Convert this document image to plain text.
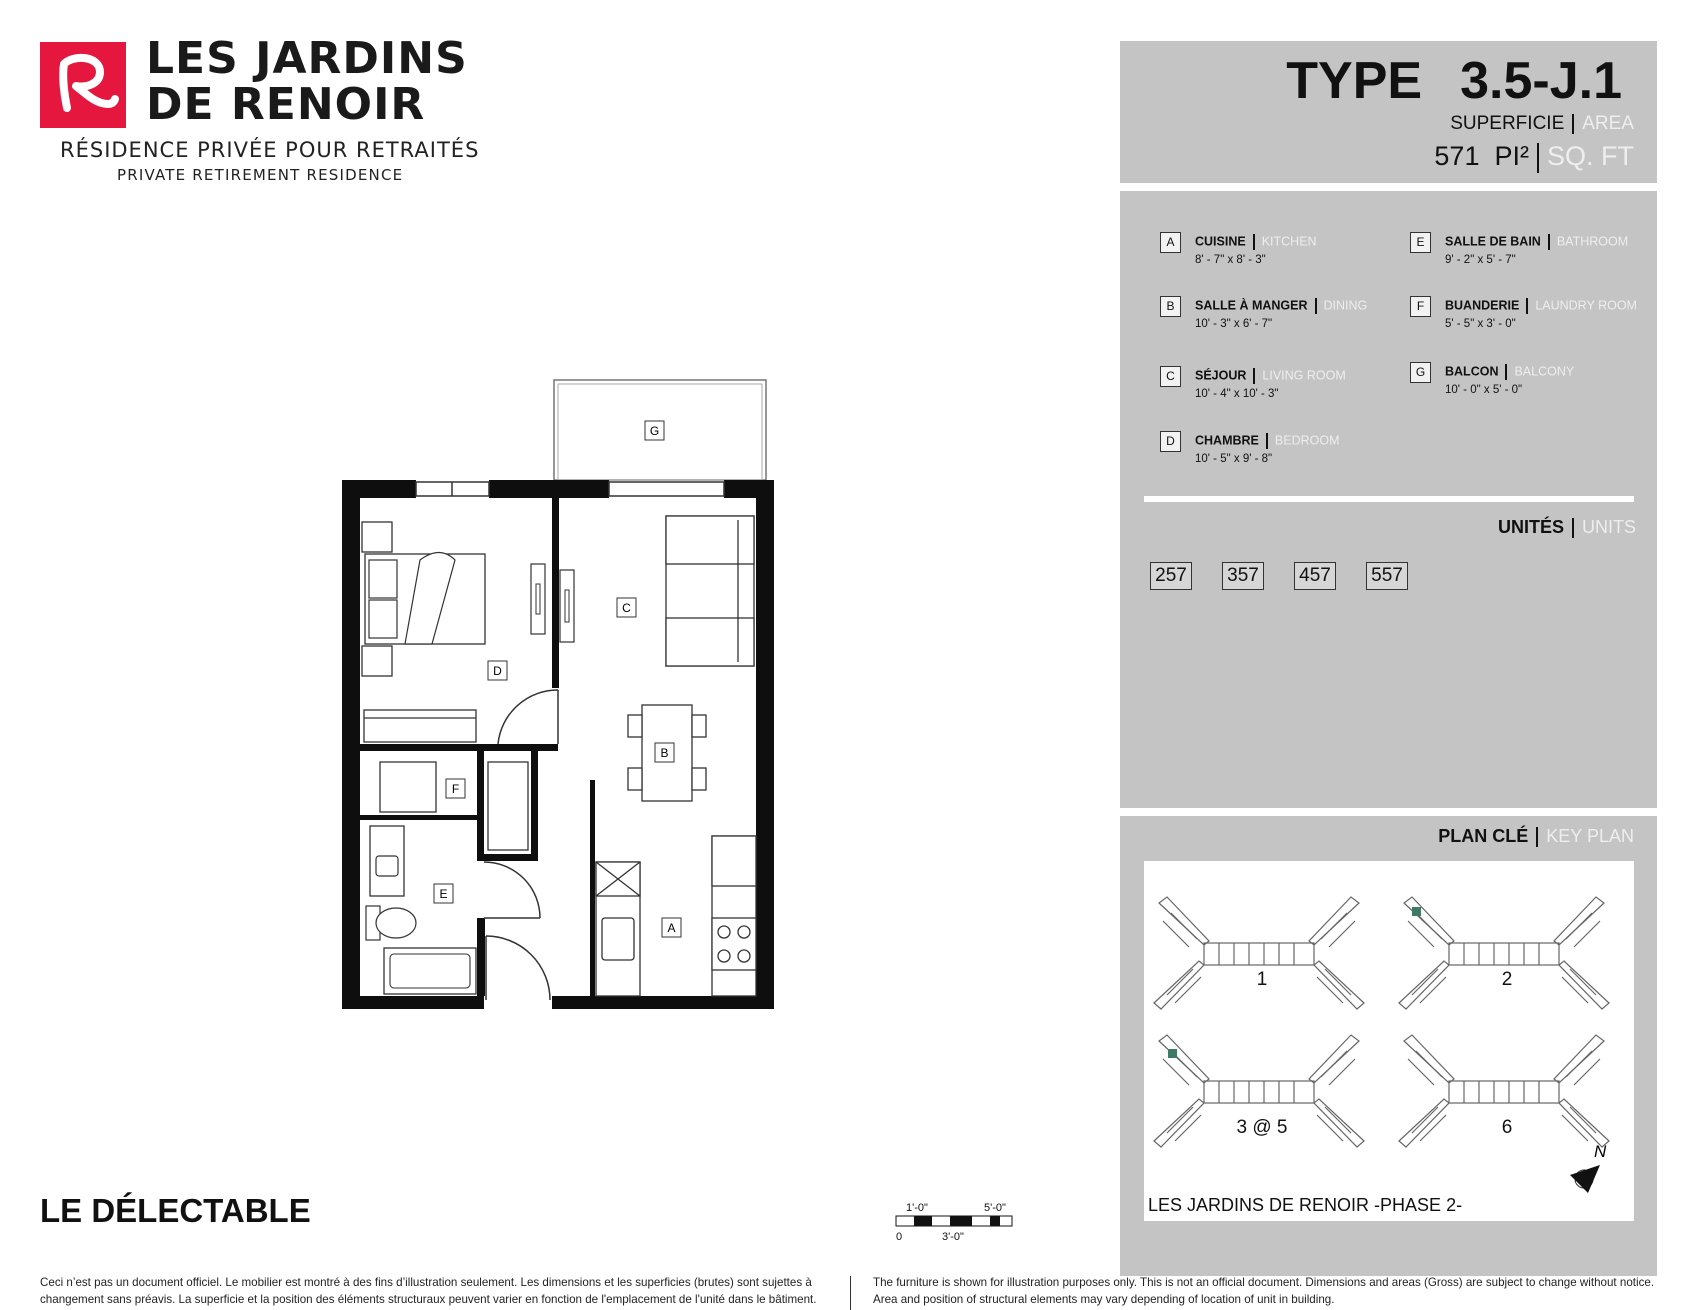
LES JARDINS
DE RENOIR
RÉSIDENCE PRIVÉE POUR RETRAITÉS
PRIVATE RETIREMENT RESIDENCE
G
C
D
B
F
E
A
TYPE 3.5-J.1
SUPERFICIE AREA
571 PI² SQ. FT
A	CUISINE KITCHEN
8' - 7" x 8' - 3"
B	SALLE À MANGER DINING
10' - 3" x 6' - 7"
C	SÉJOUR LIVING ROOM
10' - 4" x 10' - 3"
D	CHAMBRE BEDROOM
10' - 5" x 9' - 8"
E	SALLE DE BAIN BATHROOM
9' - 2" x 5' - 7"
F	BUANDERIE LAUNDRY ROOM
5' - 5" x 3' - 0"
G	BALCON BALCONY
10' - 0" x 5' - 0"
UNITÉS UNITS
257 357 457 557
PLAN CLÉ KEY PLAN
1	2
3 @ 5	6
N
LES JARDINS DE RENOIR -PHASE 2-
LE DÉLECTABLE	1'-0"	5'-0"
0	3'-0"
Ceci n’est pas un document officiel. Le mobilier est montré à des fins d’illustration seulement. Les dimensions et les superficies (brutes) sont sujettes à changement sans préavis. La superficie et la position des éléments structuraux peuvent varier en fonction de l'emplacement de l'unité dans le bâtiment.
The furniture is shown for illustration purposes only. This is not an official document. Dimensions and areas (Gross) are subject to change without notice. Area and position of structural elements may vary depending of location of unit in building.
